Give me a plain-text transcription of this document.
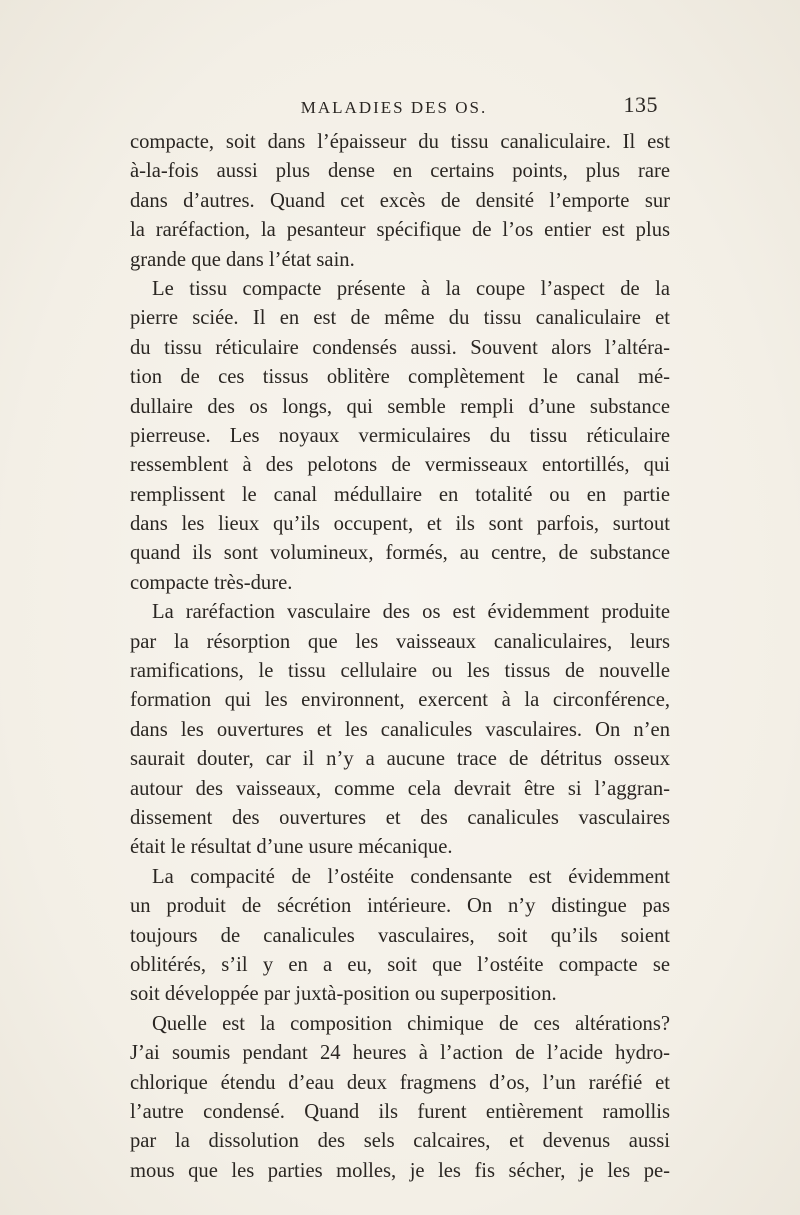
MALADIES DES OS.	135
compacte, soit dans l’épaisseur du tissu canaliculaire. Il est
à-la-fois aussi plus dense en certains points, plus rare
dans d’autres. Quand cet excès de densité l’emporte sur
la raréfaction, la pesanteur spécifique de l’os entier est plus
grande que dans l’état sain.
Le tissu compacte présente à la coupe l’aspect de la
pierre sciée. Il en est de même du tissu canaliculaire et
du tissu réticulaire condensés aussi. Souvent alors l’altéra-
tion de ces tissus oblitère complètement le canal mé-
dullaire des os longs, qui semble rempli d’une substance
pierreuse. Les noyaux vermiculaires du tissu réticulaire
ressemblent à des pelotons de vermisseaux entortillés, qui
remplissent le canal médullaire en totalité ou en partie
dans les lieux qu’ils occupent, et ils sont parfois, surtout
quand ils sont volumineux, formés, au centre, de substance
compacte très-dure.
La raréfaction vasculaire des os est évidemment produite
par la résorption que les vaisseaux canaliculaires, leurs
ramifications, le tissu cellulaire ou les tissus de nouvelle
formation qui les environnent, exercent à la circonférence,
dans les ouvertures et les canalicules vasculaires. On n’en
saurait douter, car il n’y a aucune trace de détritus osseux
autour des vaisseaux, comme cela devrait être si l’aggran-
dissement des ouvertures et des canalicules vasculaires
était le résultat d’une usure mécanique.
La compacité de l’ostéite condensante est évidemment
un produit de sécrétion intérieure. On n’y distingue pas
toujours de canalicules vasculaires, soit qu’ils soient
oblitérés, s’il y en a eu, soit que l’ostéite compacte se
soit développée par juxtà-position ou superposition.
Quelle est la composition chimique de ces altérations?
J’ai soumis pendant 24 heures à l’action de l’acide hydro-
chlorique étendu d’eau deux fragmens d’os, l’un raréfié et
l’autre condensé. Quand ils furent entièrement ramollis
par la dissolution des sels calcaires, et devenus aussi
mous que les parties molles, je les fis sécher, je les pe-
